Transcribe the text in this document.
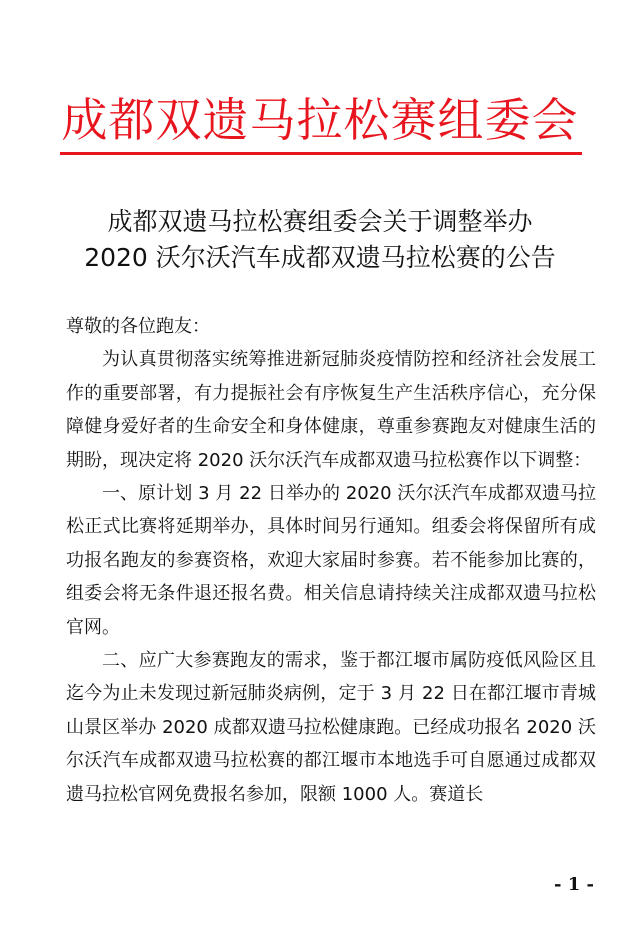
成都双遗马拉松赛组委会
成都双遗马拉松赛组委会关于调整举办
2020 沃尔沃汽车成都双遗马拉松赛的公告

尊敬的各位跑友：

为认真贯彻落实统筹推进新冠肺炎疫情防控和经济社会发展工作的重要部署，有力提振社会有序恢复生产生活秩序信心，充分保障健身爱好者的生命安全和身体健康，尊重参赛跑友对健康生活的期盼，现决定将 2020 沃尔沃汽车成都双遗马拉松赛作以下调整：

一、原计划 3 月 22 日举办的 2020 沃尔沃汽车成都双遗马拉松正式比赛将延期举办，具体时间另行通知。组委会将保留所有成功报名跑友的参赛资格，欢迎大家届时参赛。若不能参加比赛的，组委会将无条件退还报名费。相关信息请持续关注成都双遗马拉松官网。

二、应广大参赛跑友的需求，鉴于都江堰市属防疫低风险区且迄今为止未发现过新冠肺炎病例，定于 3 月 22 日在都江堰市青城山景区举办 2020 成都双遗马拉松健康跑。已经成功报名 2020 沃尔沃汽车成都双遗马拉松赛的都江堰市本地选手可自愿通过成都双遗马拉松官网免费报名参加，限额 1000 人。赛道长

- 1 -
